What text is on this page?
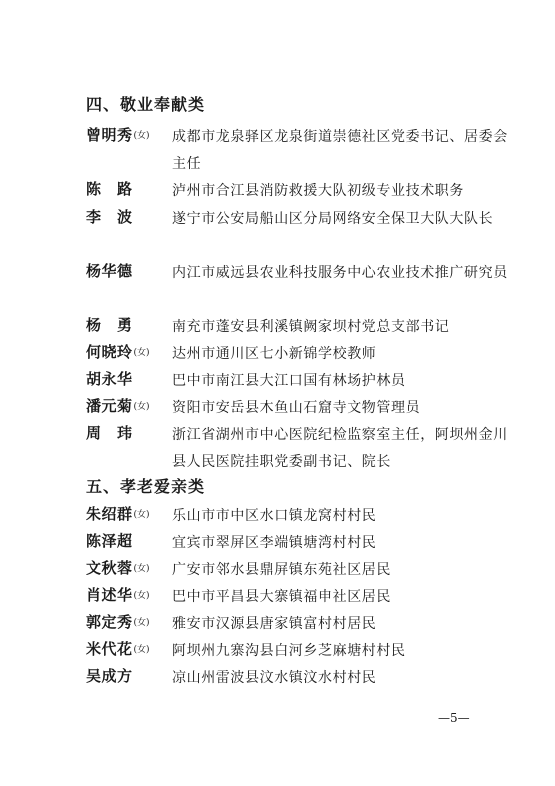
四、敬业奉献类
曾明秀(女) 成都市龙泉驿区龙泉街道崇德社区党委书记、居委会主任
陈　路	泸州市合江县消防救援大队初级专业技术职务
李　波	遂宁市公安局船山区分局网络安全保卫大队大队长
杨华德	内江市威远县农业科技服务中心农业技术推广研究员
杨　勇	南充市蓬安县利溪镇阙家坝村党总支部书记
何晓玲(女) 达州市通川区七小新锦学校教师
胡永华	巴中市南江县大江口国有林场护林员
潘元菊(女) 资阳市安岳县木鱼山石窟寺文物管理员
周　玮	浙江省湖州市中心医院纪检监察室主任，阿坝州金川县人民医院挂职党委副书记、院长
五、孝老爱亲类
朱绍群(女) 乐山市市中区水口镇龙窝村村民
陈泽超	宜宾市翠屏区李端镇塘湾村村民
文秋蓉(女) 广安市邻水县鼎屏镇东苑社区居民
肖述华(女) 巴中市平昌县大寨镇福申社区居民
郭定秀(女) 雅安市汉源县唐家镇富村村居民
米代花(女) 阿坝州九寨沟县白河乡芝麻塘村村民
吴成方	凉山州雷波县汶水镇汶水村村民
—5—
